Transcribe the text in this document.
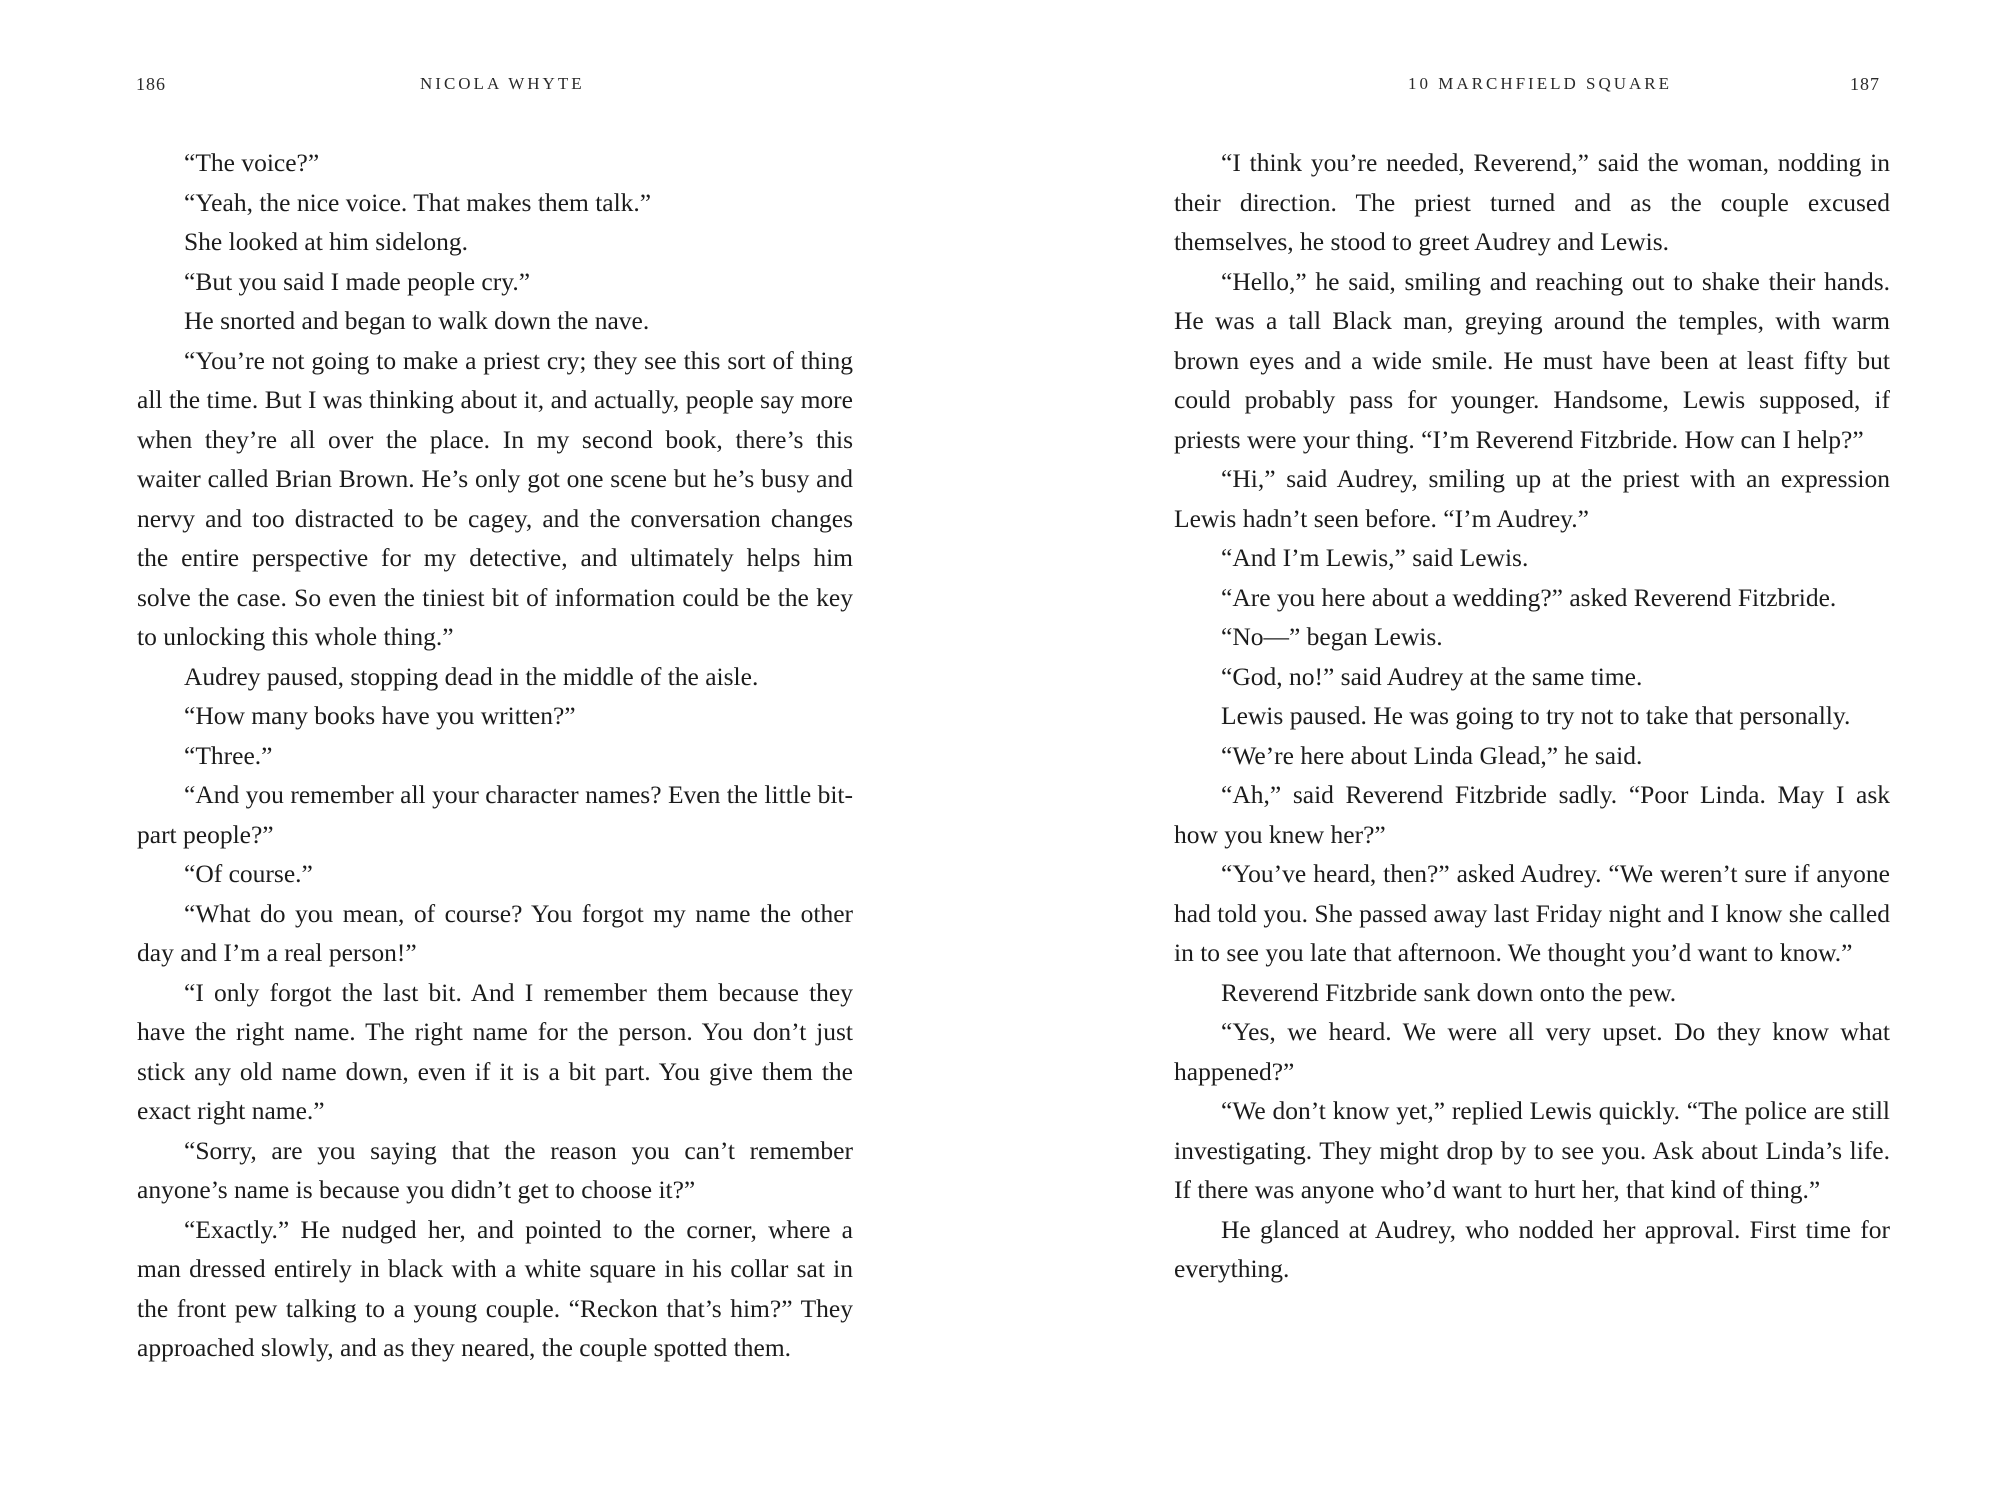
186	NICOLA WHYTE

“The voice?”

“Yeah, the nice voice. That makes them talk.”

She looked at him sidelong.

“But you said I made people cry.”

He snorted and began to walk down the nave.

“You’re not going to make a priest cry; they see this sort of thing all the time. But I was thinking about it, and actually, people say more when they’re all over the place. In my second book, there’s this waiter called Brian Brown. He’s only got one scene but he’s busy and nervy and too distracted to be cagey, and the conversation changes the entire perspective for my detective, and ultimately helps him solve the case. So even the tiniest bit of information could be the key to unlocking this whole thing.”

Audrey paused, stopping dead in the middle of the aisle.

“How many books have you written?”

“Three.”

“And you remember all your character names? Even the little bit-part people?”

“Of course.”

“What do you mean, of course? You forgot my name the other day and I’m a real person!”

“I only forgot the last bit. And I remember them because they have the right name. The right name for the person. You don’t just stick any old name down, even if it is a bit part. You give them the exact right name.”

“Sorry, are you saying that the reason you can’t remember anyone’s name is because you didn’t get to choose it?”

“Exactly.” He nudged her, and pointed to the corner, where a man dressed entirely in black with a white square in his collar sat in the front pew talking to a young couple. “Reckon that’s him?” They approached slowly, and as they neared, the couple spotted them.

10 MARCHFIELD SQUARE	187

“I think you’re needed, Reverend,” said the woman, nodding in their direction. The priest turned and as the couple excused themselves, he stood to greet Audrey and Lewis.

“Hello,” he said, smiling and reaching out to shake their hands. He was a tall Black man, greying around the temples, with warm brown eyes and a wide smile. He must have been at least fifty but could probably pass for younger. Handsome, Lewis supposed, if priests were your thing. “I’m Reverend Fitzbride. How can I help?”

“Hi,” said Audrey, smiling up at the priest with an expression Lewis hadn’t seen before. “I’m Audrey.”

“And I’m Lewis,” said Lewis.

“Are you here about a wedding?” asked Reverend Fitzbride.

“No—” began Lewis.

“God, no!” said Audrey at the same time.

Lewis paused. He was going to try not to take that personally.

“We’re here about Linda Glead,” he said.

“Ah,” said Reverend Fitzbride sadly. “Poor Linda. May I ask how you knew her?”

“You’ve heard, then?” asked Audrey. “We weren’t sure if anyone had told you. She passed away last Friday night and I know she called in to see you late that afternoon. We thought you’d want to know.”

Reverend Fitzbride sank down onto the pew.

“Yes, we heard. We were all very upset. Do they know what happened?”

“We don’t know yet,” replied Lewis quickly. “The police are still investigating. They might drop by to see you. Ask about Linda’s life. If there was anyone who’d want to hurt her, that kind of thing.”

He glanced at Audrey, who nodded her approval. First time for everything.
